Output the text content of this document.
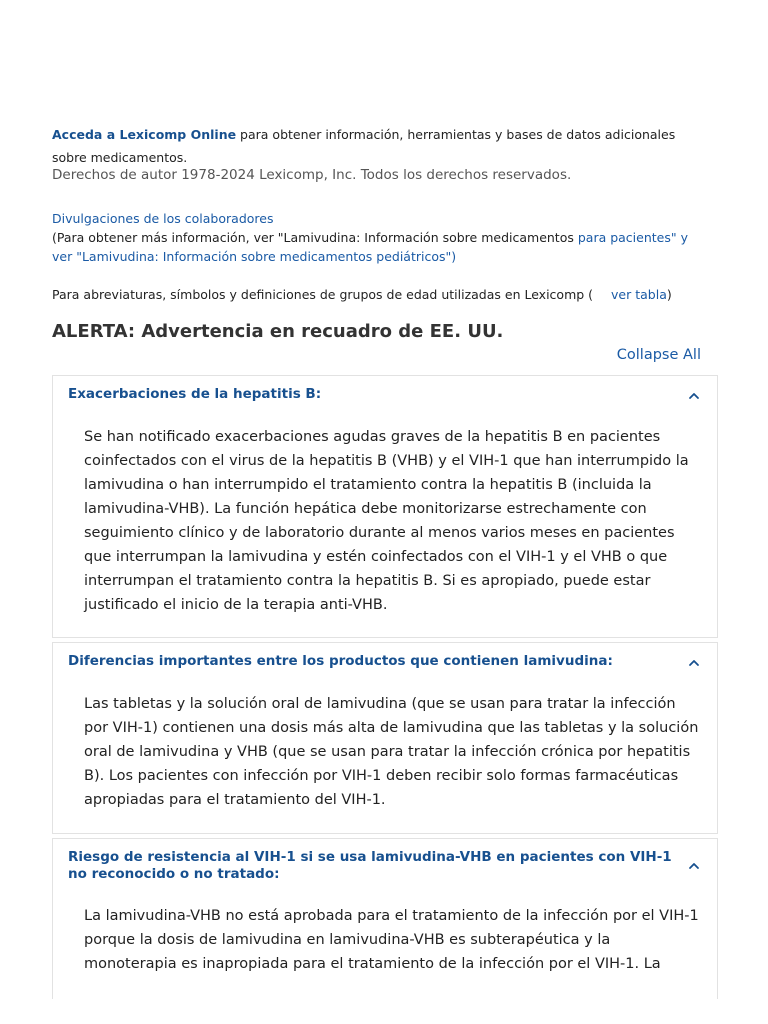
Acceda a Lexicomp Online para obtener información, herramientas y bases de datos adicionales sobre medicamentos.
Derechos de autor 1978-2024 Lexicomp, Inc. Todos los derechos reservados.
Divulgaciones de los colaboradores
(Para obtener más información, ver "Lamivudina: Información sobre medicamentos para pacientes" y ver "Lamivudina: Información sobre medicamentos pediátricos")
Para abreviaturas, símbolos y definiciones de grupos de edad utilizadas en Lexicomp ( ver tabla)
ALERTA: Advertencia en recuadro de EE. UU.
Collapse All
Exacerbaciones de la hepatitis B:
Se han notificado exacerbaciones agudas graves de la hepatitis B en pacientes coinfectados con el virus de la hepatitis B (VHB) y el VIH-1 que han interrumpido la lamivudina o han interrumpido el tratamiento contra la hepatitis B (incluida la lamivudina-VHB). La función hepática debe monitorizarse estrechamente con seguimiento clínico y de laboratorio durante al menos varios meses en pacientes que interrumpan la lamivudina y estén coinfectados con el VIH-1 y el VHB o que interrumpan el tratamiento contra la hepatitis B. Si es apropiado, puede estar justificado el inicio de la terapia anti-VHB.
Diferencias importantes entre los productos que contienen lamivudina:
Las tabletas y la solución oral de lamivudina (que se usan para tratar la infección por VIH-1) contienen una dosis más alta de lamivudina que las tabletas y la solución oral de lamivudina y VHB (que se usan para tratar la infección crónica por hepatitis B). Los pacientes con infección por VIH-1 deben recibir solo formas farmacéuticas apropiadas para el tratamiento del VIH-1.
Riesgo de resistencia al VIH-1 si se usa lamivudina-VHB en pacientes con VIH-1 no reconocido o no tratado:
La lamivudina-VHB no está aprobada para el tratamiento de la infección por el VIH-1 porque la dosis de lamivudina en lamivudina-VHB es subterapéutica y la monoterapia es inapropiada para el tratamiento de la infección por el VIH-1. La
